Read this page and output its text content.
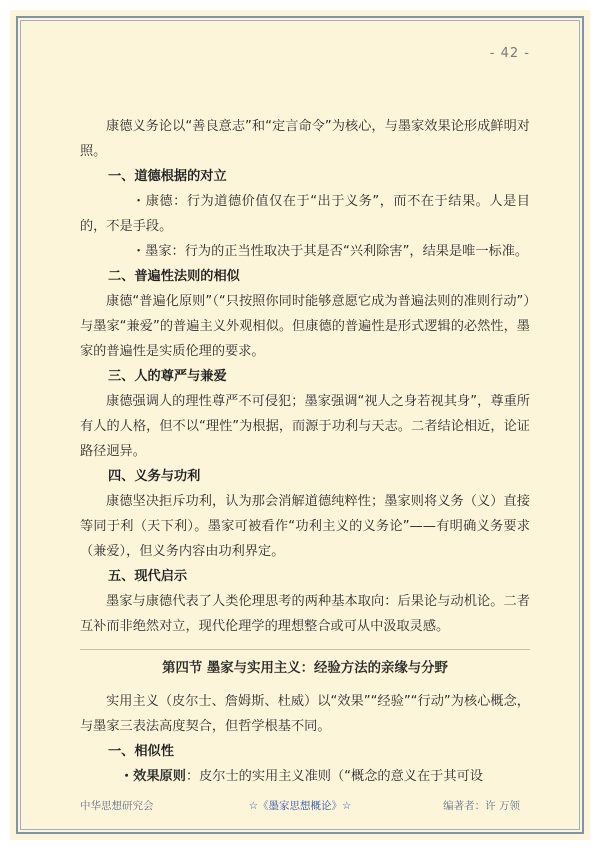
- 42 -

康德义务论以“善良意志”和“定言命令”为核心，与墨家效果论形成鲜明对照。

一、道德根据的对立

・康德：行为道德价值仅在于“出于义务”，而不在于结果。人是目的，不是手段。

・墨家：行为的正当性取决于其是否“兴利除害”，结果是唯一标准。

二、普遍性法则的相似

康德“普遍化原则”（“只按照你同时能够意愿它成为普遍法则的准则行动”）与墨家“兼爱”的普遍主义外观相似。但康德的普遍性是形式逻辑的必然性，墨家的普遍性是实质伦理的要求。

三、人的尊严与兼爱

康德强调人的理性尊严不可侵犯；墨家强调“视人之身若视其身”，尊重所有人的人格，但不以“理性”为根据，而源于功利与天志。二者结论相近，论证路径迥异。

四、义务与功利

康德坚决拒斥功利，认为那会消解道德纯粹性；墨家则将义务（义）直接等同于利（天下利）。墨家可被看作“功利主义的义务论”——有明确义务要求（兼爱），但义务内容由功利界定。

五、现代启示

墨家与康德代表了人类伦理思考的两种基本取向：后果论与动机论。二者互补而非绝然对立，现代伦理学的理想整合或可从中汲取灵感。

第四节 墨家与实用主义：经验方法的亲缘与分野

实用主义（皮尔士、詹姆斯、杜威）以“效果”“经验”“行动”为核心概念，与墨家三表法高度契合，但哲学根基不同。

一、相似性

・效果原则：皮尔士的实用主义准则（“概念的意义在于其可设

中华思想研究会	☆《墨家思想概论》☆	编著者：许 万领
